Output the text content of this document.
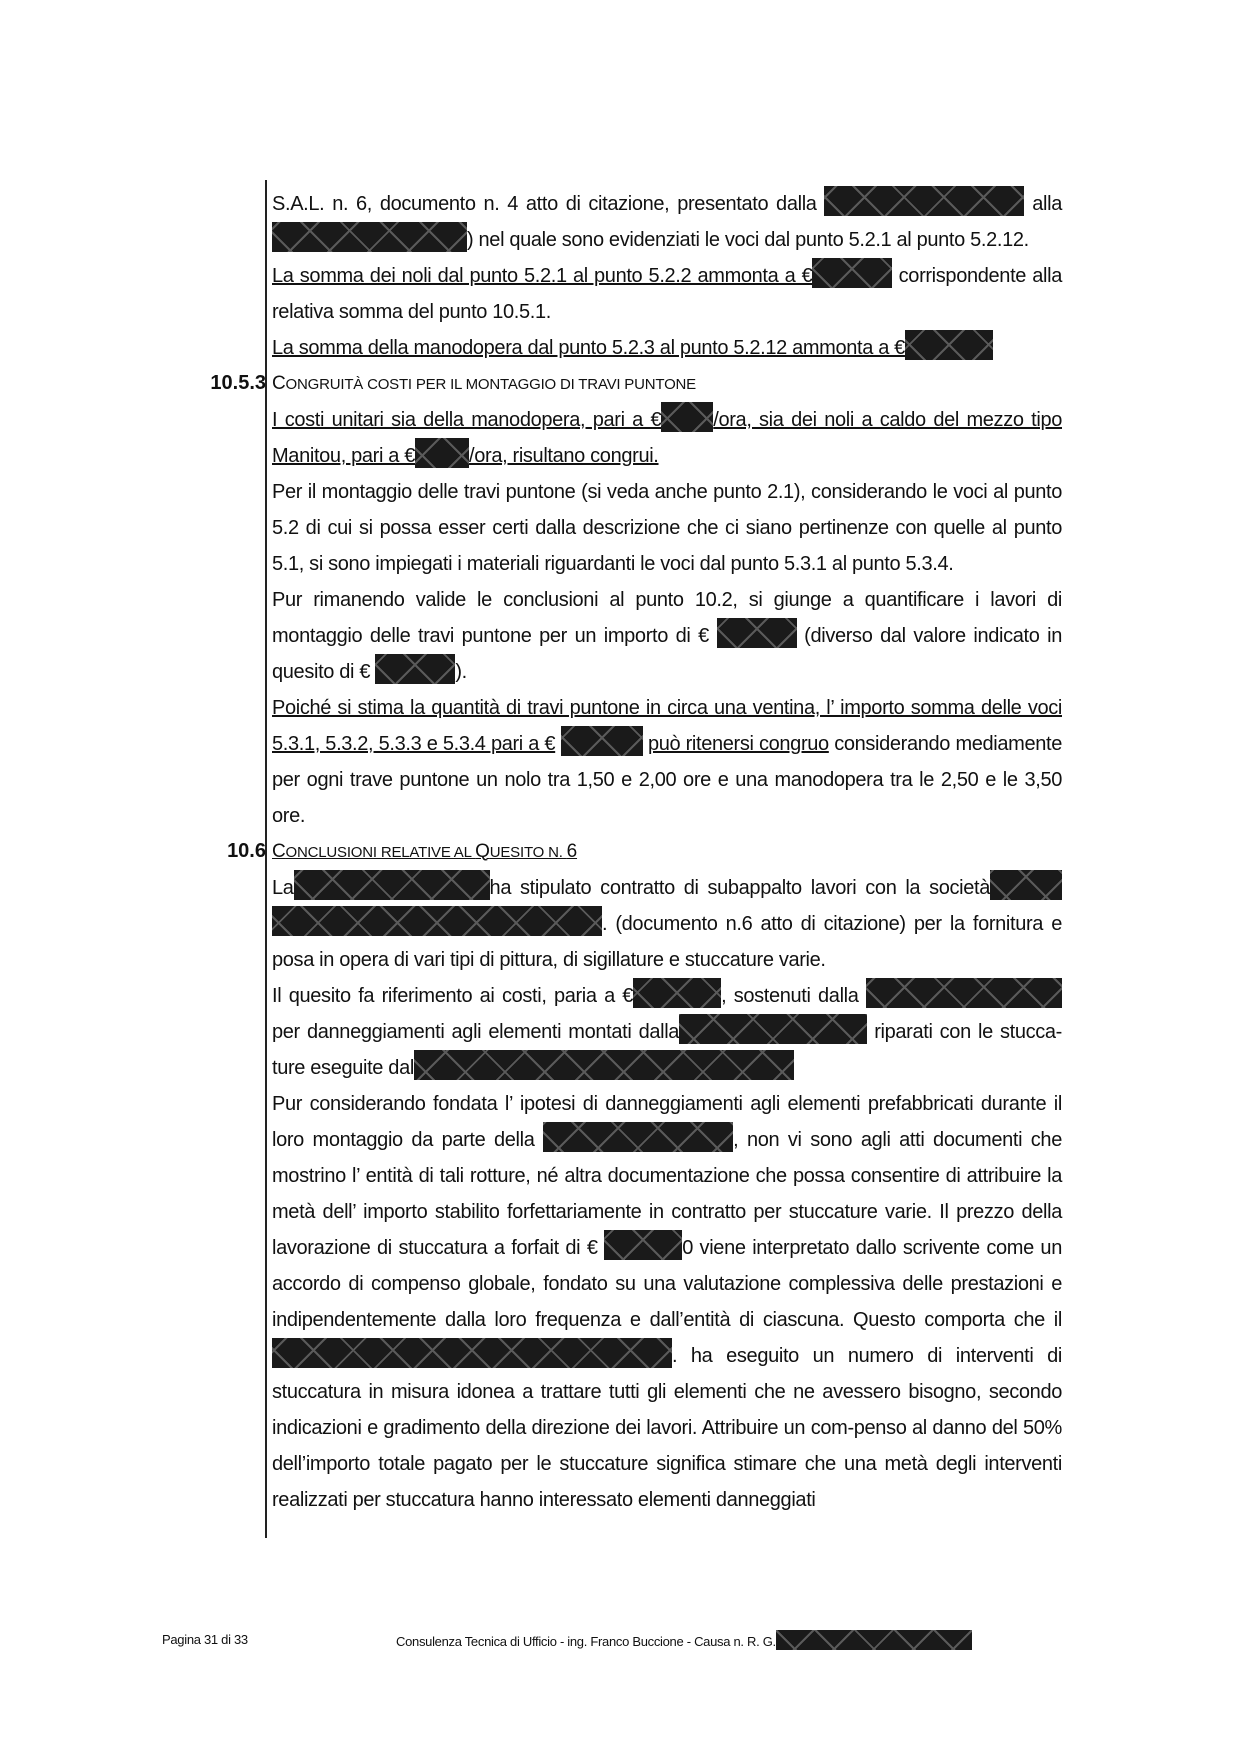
S.A.L. n. 6, documento n. 4 atto di citazione, presentato dalla	alla ) nel quale sono evidenziati le voci dal punto 5.2.1 al punto 5.2.12.

La somma dei noli dal punto 5.2.1 al punto 5.2.2 ammonta a €	corrispondente alla relativa somma del punto 10.5.1.

La somma della manodopera dal punto 5.2.3 al punto 5.2.12 ammonta a €

10.5.3 CONGRUITÀ COSTI PER IL MONTAGGIO DI TRAVI PUNTONE

I costi unitari sia della manodopera, pari a €	/ora, sia dei noli a caldo del mezzo tipo Manitou, pari a €	/ora, risultano congrui.

Per il montaggio delle travi puntone (si veda anche punto 2.1), considerando le voci al punto 5.2 di cui si possa esser certi dalla descrizione che ci siano pertinenze con quelle al punto 5.1, si sono impiegati i materiali riguardanti le voci dal punto 5.3.1 al punto 5.3.4.

Pur rimanendo valide le conclusioni al punto 10.2, si giunge a quantificare i lavori di montaggio delle travi puntone per un importo di €	(diverso dal valore indicato in quesito di €	).

Poiché si stima la quantità di travi puntone in circa una ventina, l’ importo somma delle voci 5.3.1, 5.3.2, 5.3.3 e 5.3.4 pari a €	può ritenersi congruo considerando mediamente per ogni trave puntone un nolo tra 1,50 e 2,00 ore e una manodopera tra le 2,50 e le 3,50 ore.

10.6 CONCLUSIONI RELATIVE AL QUESITO N. 6

La	ha stipulato contratto di subappalto lavori con la società . (documento n.6 atto di citazione) per la fornitura e posa in opera di vari tipi di pittura, di sigillature e stuccature varie.

Il quesito fa riferimento ai costi, paria a €	, sostenuti dalla  per danneggiamenti agli elementi montati dalla	riparati con le stucca-ture eseguite dal

Pur considerando fondata l’ ipotesi di danneggiamenti agli elementi prefabbricati durante il loro montaggio da parte della	, non vi sono agli atti documenti che mostrino l’ entità di tali rotture, né altra documentazione che possa consentire di attribuire la metà dell’ importo stabilito forfettariamente in contratto per stuccature varie. Il prezzo della lavorazione di stuccatura a forfait di €	0 viene interpretato dallo scrivente come un accordo di compenso globale, fondato su una valutazione complessiva delle prestazioni e indipendentemente dalla loro frequenza e dall’entità di ciascuna. Questo comporta che il . ha eseguito un numero di interventi di stuccatura in misura idonea a trattare tutti gli elementi che ne avessero bisogno, secondo indicazioni e gradimento della direzione dei lavori. Attribuire un com-penso al danno del 50% dell’importo totale pagato per le stuccature significa stimare che una metà degli interventi realizzati per stuccatura hanno interessato elementi danneggiati

Pagina 31 di 33	Consulenza Tecnica di Ufficio - ing. Franco Buccione - Causa n. R. G.
